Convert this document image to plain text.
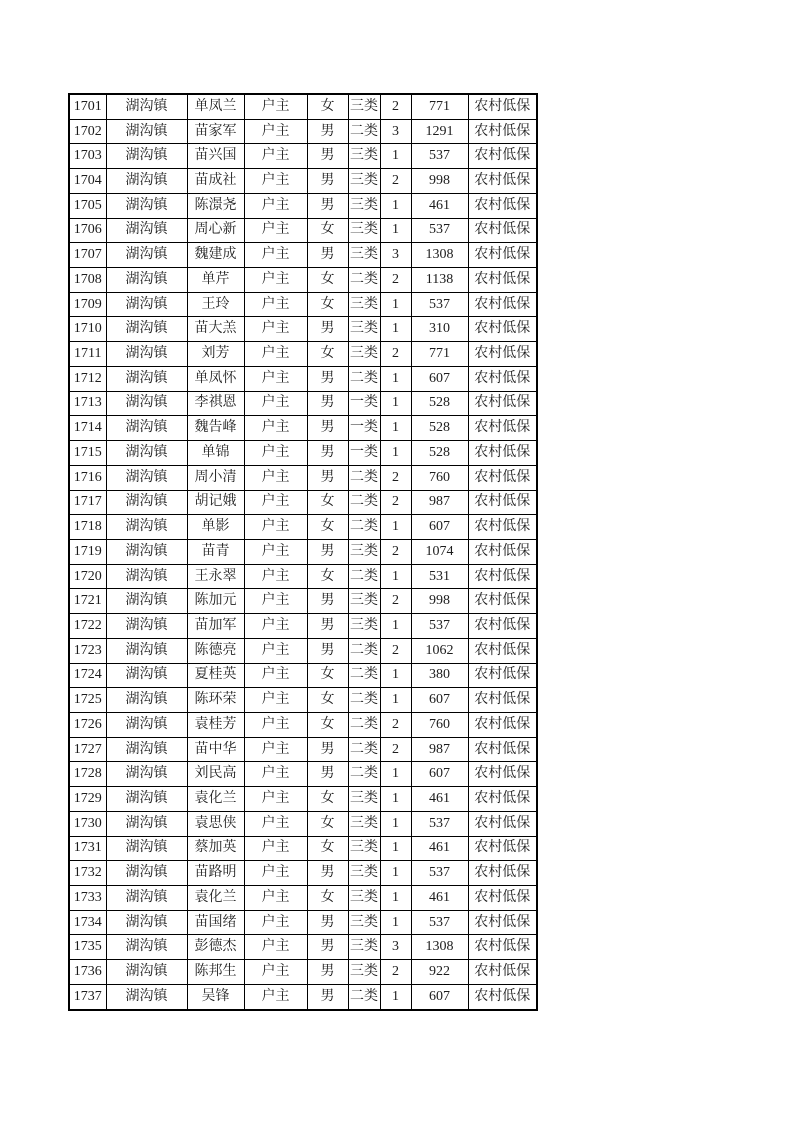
1701	湖沟镇	单凤兰	户主	女	三类	2	771	农村低保
1702	湖沟镇	苗家军	户主	男	二类	3	1291	农村低保
1703	湖沟镇	苗兴国	户主	男	三类	1	537	农村低保
1704	湖沟镇	苗成社	户主	男	三类	2	998	农村低保
1705	湖沟镇	陈澋尧	户主	男	三类	1	461	农村低保
1706	湖沟镇	周心新	户主	女	三类	1	537	农村低保
1707	湖沟镇	魏建成	户主	男	三类	3	1308	农村低保
1708	湖沟镇	单芹	户主	女	二类	2	1138	农村低保
1709	湖沟镇	王玲	户主	女	三类	1	537	农村低保
1710	湖沟镇	苗大羔	户主	男	三类	1	310	农村低保
1711	湖沟镇	刘芳	户主	女	三类	2	771	农村低保
1712	湖沟镇	单凤怀	户主	男	二类	1	607	农村低保
1713	湖沟镇	李祺恩	户主	男	一类	1	528	农村低保
1714	湖沟镇	魏告峰	户主	男	一类	1	528	农村低保
1715	湖沟镇	单锦	户主	男	一类	1	528	农村低保
1716	湖沟镇	周小清	户主	男	二类	2	760	农村低保
1717	湖沟镇	胡记娥	户主	女	二类	2	987	农村低保
1718	湖沟镇	单影	户主	女	二类	1	607	农村低保
1719	湖沟镇	苗青	户主	男	三类	2	1074	农村低保
1720	湖沟镇	王永翠	户主	女	二类	1	531	农村低保
1721	湖沟镇	陈加元	户主	男	三类	2	998	农村低保
1722	湖沟镇	苗加军	户主	男	三类	1	537	农村低保
1723	湖沟镇	陈德亮	户主	男	二类	2	1062	农村低保
1724	湖沟镇	夏桂英	户主	女	二类	1	380	农村低保
1725	湖沟镇	陈环荣	户主	女	二类	1	607	农村低保
1726	湖沟镇	袁桂芳	户主	女	二类	2	760	农村低保
1727	湖沟镇	苗中华	户主	男	二类	2	987	农村低保
1728	湖沟镇	刘民高	户主	男	二类	1	607	农村低保
1729	湖沟镇	袁化兰	户主	女	三类	1	461	农村低保
1730	湖沟镇	袁思侠	户主	女	三类	1	537	农村低保
1731	湖沟镇	蔡加英	户主	女	三类	1	461	农村低保
1732	湖沟镇	苗路明	户主	男	三类	1	537	农村低保
1733	湖沟镇	袁化兰	户主	女	三类	1	461	农村低保
1734	湖沟镇	苗国绪	户主	男	三类	1	537	农村低保
1735	湖沟镇	彭德杰	户主	男	三类	3	1308	农村低保
1736	湖沟镇	陈邦生	户主	男	三类	2	922	农村低保
1737	湖沟镇	吴锋	户主	男	二类	1	607	农村低保
